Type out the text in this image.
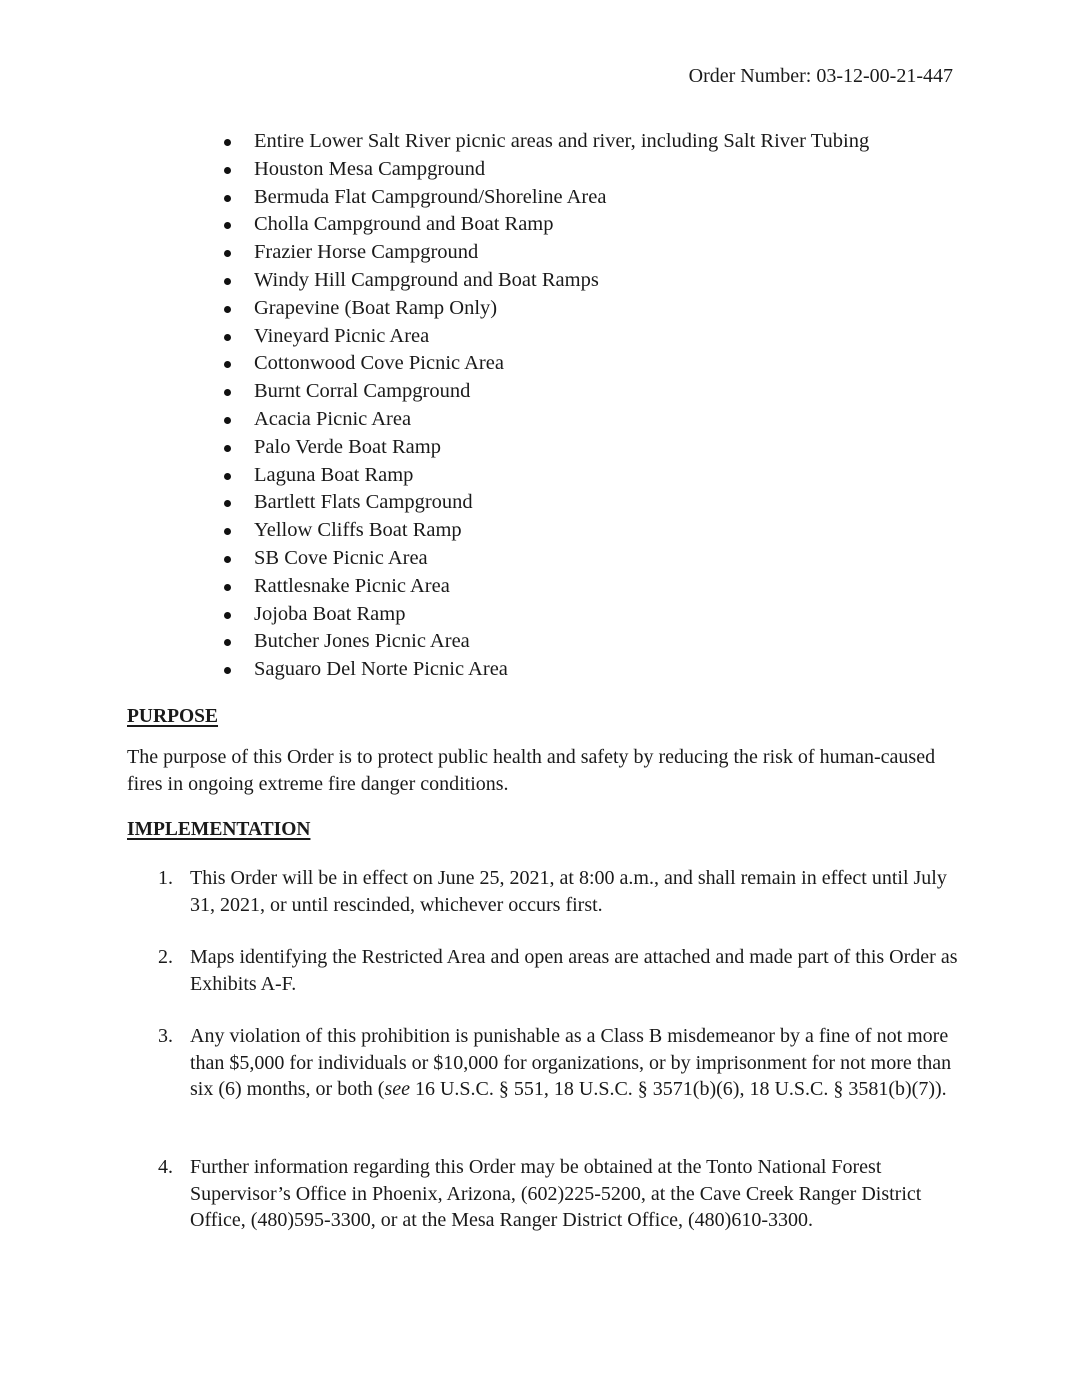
Order Number: 03-12-00-21-447
Entire Lower Salt River picnic areas and river, including Salt River Tubing
Houston Mesa Campground
Bermuda Flat Campground/Shoreline Area
Cholla Campground and Boat Ramp
Frazier Horse Campground
Windy Hill Campground and Boat Ramps
Grapevine (Boat Ramp Only)
Vineyard Picnic Area
Cottonwood Cove Picnic Area
Burnt Corral Campground
Acacia Picnic Area
Palo Verde Boat Ramp
Laguna Boat Ramp
Bartlett Flats Campground
Yellow Cliffs Boat Ramp
SB Cove Picnic Area
Rattlesnake Picnic Area
Jojoba Boat Ramp
Butcher Jones Picnic Area
Saguaro Del Norte Picnic Area
PURPOSE

The purpose of this Order is to protect public health and safety by reducing the risk of human-caused fires in ongoing extreme fire danger conditions.

IMPLEMENTATION
1. This Order will be in effect on June 25, 2021, at 8:00 a.m., and shall remain in effect until July 31, 2021, or until rescinded, whichever occurs first.

2. Maps identifying the Restricted Area and open areas are attached and made part of this Order as Exhibits A-F.

3. Any violation of this prohibition is punishable as a Class B misdemeanor by a fine of not more than $5,000 for individuals or $10,000 for organizations, or by imprisonment for not more than six (6) months, or both (see 16 U.S.C. § 551, 18 U.S.C. § 3571(b)(6), 18 U.S.C. § 3581(b)(7)).

4. Further information regarding this Order may be obtained at the Tonto National Forest Supervisor’s Office in Phoenix, Arizona, (602)225-5200, at the Cave Creek Ranger District Office, (480)595-3300, or at the Mesa Ranger District Office, (480)610-3300.
